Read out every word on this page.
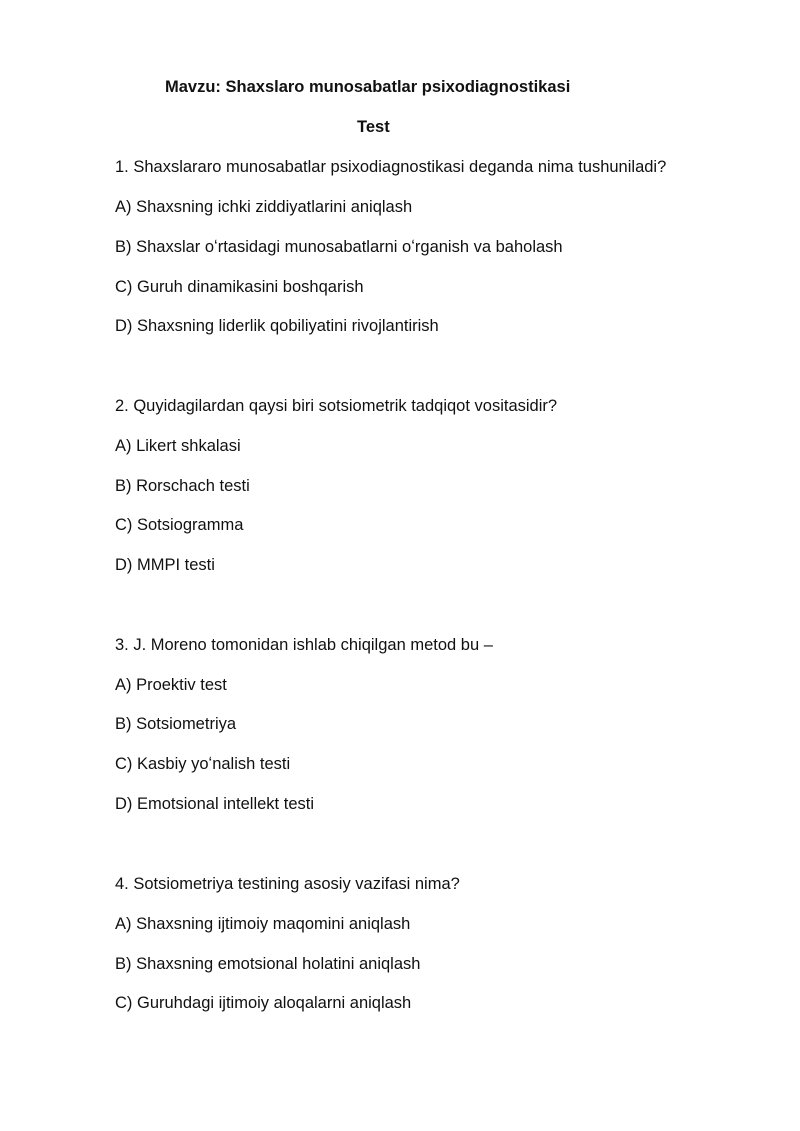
Mavzu: Shaxslaro munosabatlar psixodiagnostikasi
Test
1. Shaxslararo munosabatlar psixodiagnostikasi deganda nima tushuniladi?
A) Shaxsning ichki ziddiyatlarini aniqlash
B) Shaxslar oʻrtasidagi munosabatlarni oʻrganish va baholash
C) Guruh dinamikasini boshqarish
D) Shaxsning liderlik qobiliyatini rivojlantirish
2. Quyidagilardan qaysi biri sotsiometrik tadqiqot vositasidir?
A) Likert shkalasi
B) Rorschach testi
C) Sotsiogramma
D) MMPI testi
3. J. Moreno tomonidan ishlab chiqilgan metod bu –
A) Proektiv test
B) Sotsiometriya
C) Kasbiy yoʻnalish testi
D) Emotsional intellekt testi
4. Sotsiometriya testining asosiy vazifasi nima?
A) Shaxsning ijtimoiy maqomini aniqlash
B) Shaxsning emotsional holatini aniqlash
C) Guruhdagi ijtimoiy aloqalarni aniqlash
